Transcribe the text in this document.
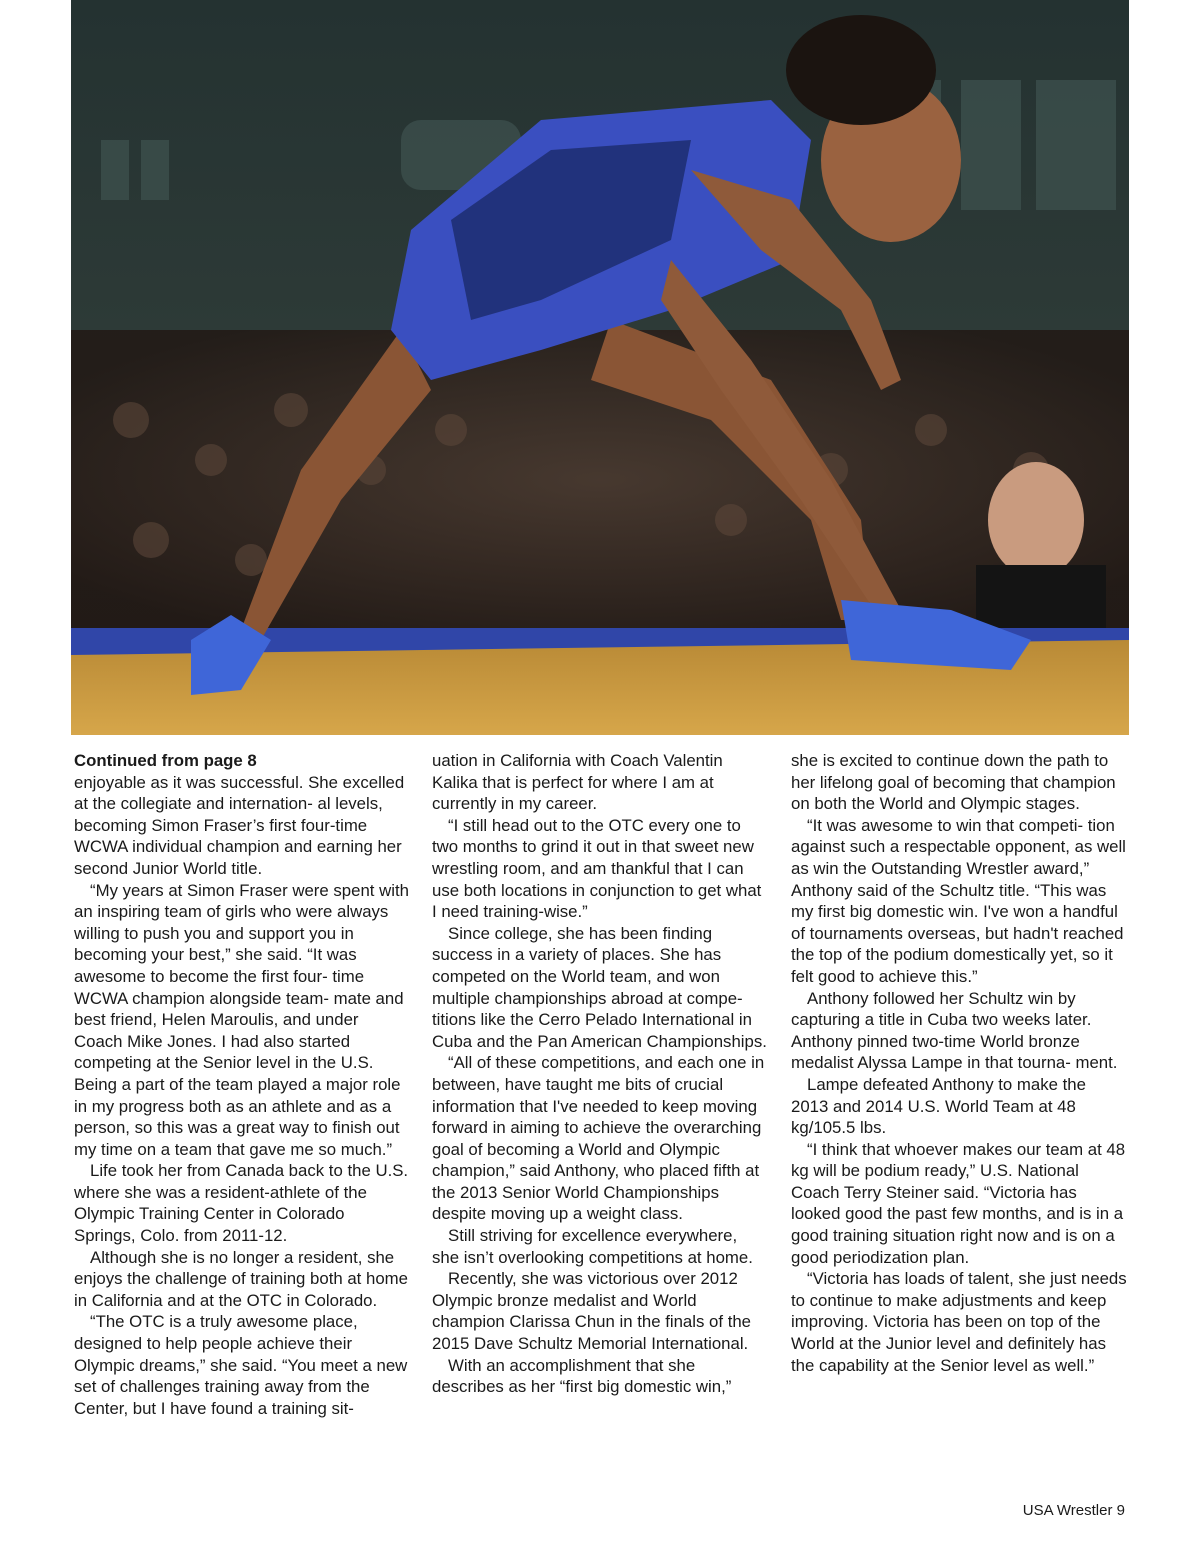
Continued from page 8

enjoyable as it was successful. She excelled at the collegiate and internation- al levels, becoming Simon Fraser’s first four-time WCWA individual champion and earning her second Junior World title.

“My years at Simon Fraser were spent with an inspiring team of girls who were always willing to push you and support you in becoming your best,” she said. “It was awesome to become the first four- time WCWA champion alongside team- mate and best friend, Helen Maroulis, and under Coach Mike Jones. I had also started competing at the Senior level in the U.S. Being a part of the team played a major role in my progress both as an athlete and as a person, so this was a great way to finish out my time on a team that gave me so much.”

Life took her from Canada back to the U.S. where she was a resident-athlete of the Olympic Training Center in Colorado Springs, Colo. from 2011-12.

Although she is no longer a resident, she enjoys the challenge of training both at home in California and at the OTC in Colorado.

“The OTC is a truly awesome place, designed to help people achieve their Olympic dreams,” she said. “You meet a new set of challenges training away from the Center, but I have found a training sit-

uation in California with Coach Valentin Kalika that is perfect for where I am at currently in my career.

“I still head out to the OTC every one to two months to grind it out in that sweet new wrestling room, and am thankful that I can use both locations in conjunction to get what I need training-wise.”

Since college, she has been finding success in a variety of places. She has competed on the World team, and won multiple championships abroad at compe- titions like the Cerro Pelado International in Cuba and the Pan American Championships.

“All of these competitions, and each one in between, have taught me bits of crucial information that I've needed to keep moving forward in aiming to achieve the overarching goal of becoming a World and Olympic champion,” said Anthony, who placed fifth at the 2013 Senior World Championships despite moving up a weight class.

Still striving for excellence everywhere, she isn’t overlooking competitions at home.

Recently, she was victorious over 2012 Olympic bronze medalist and World champion Clarissa Chun in the finals of the 2015 Dave Schultz Memorial International.

With an accomplishment that she describes as her “first big domestic win,”

she is excited to continue down the path to her lifelong goal of becoming that champion on both the World and Olympic stages.

“It was awesome to win that competi- tion against such a respectable opponent, as well as win the Outstanding Wrestler award,” Anthony said of the Schultz title. “This was my first big domestic win. I've won a handful of tournaments overseas, but hadn't reached the top of the podium domestically yet, so it felt good to achieve this.”

Anthony followed her Schultz win by capturing a title in Cuba two weeks later. Anthony pinned two-time World bronze medalist Alyssa Lampe in that tourna- ment.

Lampe defeated Anthony to make the 2013 and 2014 U.S. World Team at 48 kg/105.5 lbs.

“I think that whoever makes our team at 48 kg will be podium ready,” U.S. National Coach Terry Steiner said. “Victoria has looked good the past few months, and is in a good training situation right now and is on a good periodization plan.

“Victoria has loads of talent, she just needs to continue to make adjustments and keep improving. Victoria has been on top of the World at the Junior level and definitely has the capability at the Senior level as well.”

USA Wrestler 9
